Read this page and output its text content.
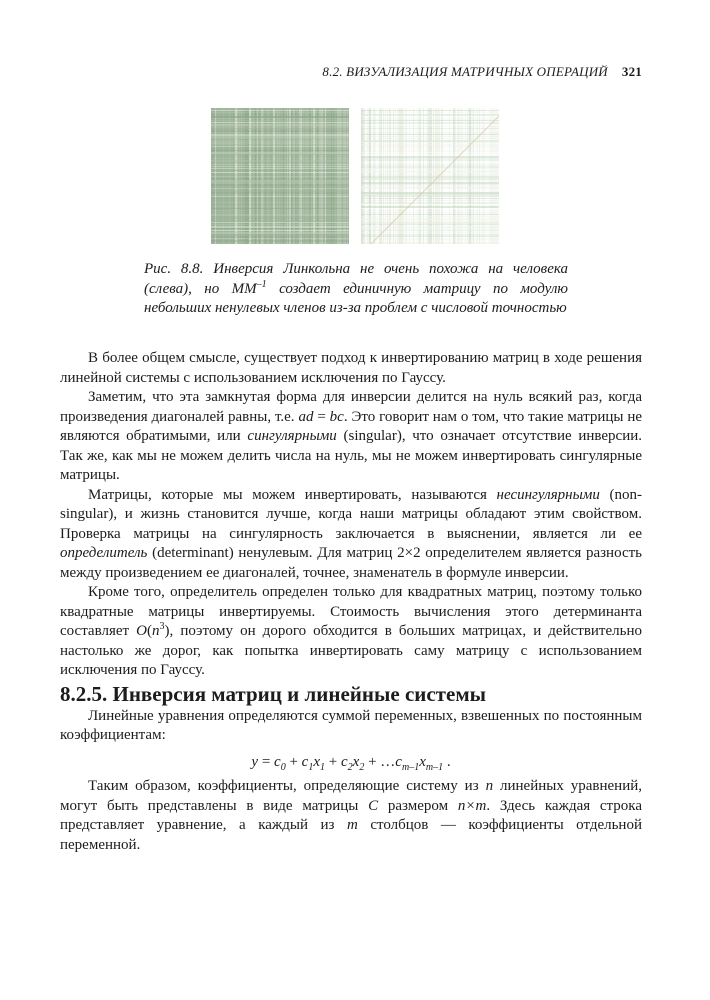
8.2. ВИЗУАЛИЗАЦИЯ МАТРИЧНЫХ ОПЕРАЦИЙ 321
Рис. 8.8. Инверсия Линкольна не очень похожа на человека (слева), но $MM^{-1}$ создает единичную матрицу по модулю небольших ненулевых членов из-за проблем с числовой точностью

В более общем смысле, существует подход к инвертированию матриц в ходе решения линейной системы с использованием исключения по Гауссу.

Заметим, что эта замкнутая форма для инверсии делится на нуль всякий раз, когда произведения диагоналей равны, т.е. ad = bc. Это говорит нам о том, что такие матрицы не являются обратимыми, или сингулярными (singular), что означает отсутствие инверсии. Так же, как мы не можем делить числа на нуль, мы не можем инвертировать сингулярные матрицы.

Матрицы, которые мы можем инвертировать, называются несингулярными (non-singular), и жизнь становится лучше, когда наши матрицы обладают этим свойством. Проверка матрицы на сингулярность заключается в выяснении, является ли ее определитель (determinant) ненулевым. Для матриц 2×2 определителем является разность между произведением ее диагоналей, точнее, знаменатель в формуле инверсии.

Кроме того, определитель определен только для квадратных матриц, поэтому только квадратные матрицы инвертируемы. Стоимость вычисления этого детерминанта составляет $O(n^3)$, поэтому он дорого обходится в больших матрицах, и действительно настолько же дорог, как попытка инвертировать саму матрицу с использованием исключения по Гауссу.

8.2.5. Инверсия матриц и линейные системы

Линейные уравнения определяются суммой переменных, взвешенных по постоянным коэффициентам:

$y = c_0 + c_1x_1 + c_2x_2$ + $\dots c_{m-1}x_{m-1}$ .

Таким образом, коэффициенты, определяющие систему из n линейных уравнений, могут быть представлены в виде матрицы C размером n×m. Здесь каждая строка представляет уравнение, а каждый из m столбцов — коэффициенты отдельной переменной.
